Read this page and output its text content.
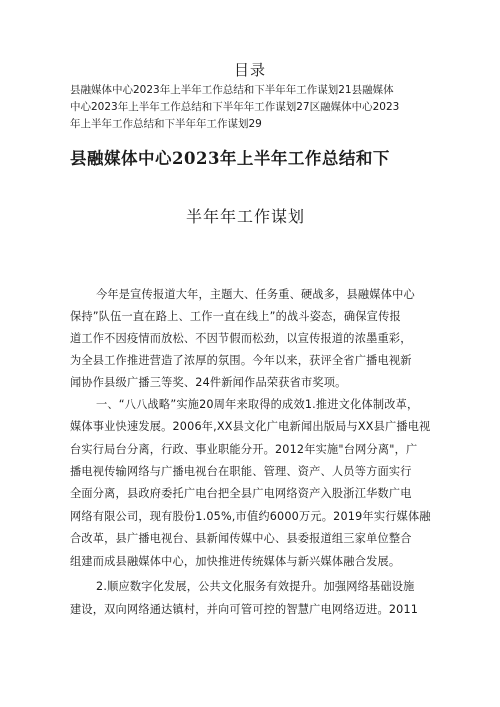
目录
县融媒体中心2023年上半年工作总结和下半年年工作谋划21县融媒体
中心2023年上半年工作总结和下半年年工作谋划27区融媒体中心2023
年上半年工作总结和下半年年工作谋划29
县融媒体中心2023年上半年工作总结和下
半年年工作谋划
今年是宣传报道大年，主题大、任务重、硬战多，县融媒体中心
保持”队伍一直在路上、工作一直在线上”的战斗姿态，确保宣传报
道工作不因疫情而放松、不因节假而松劲，以宣传报道的浓墨重彩，
为全县工作推进营造了浓厚的氛围。今年以来，获评全省广播电视新
闻协作县级广播三等奖、24件新闻作品荣获省市奖项。
一、“八八战略”实施20周年来取得的成效1.推进文化体制改革，
媒体事业快速发展。2006年,XX县文化广电新闻出版局与XX县广播电视
台实行局台分离，行政、事业职能分开。2012年实施"台网分离"，广
播电视传输网络与广播电视台在职能、管理、资产、人员等方面实行
全面分离，县政府委托广电台把全县广电网络资产入股浙江华数广电
网络有限公司，现有股份1.05%,市值约6000万元。2019年实行媒体融
合改革，县广播电视台、县新闻传媒中心、县委报道组三家单位整合
组建而成县融媒体中心，加快推进传统媒体与新兴媒体融合发展。
2.顺应数字化发展，公共文化服务有效提升。加强网络基础设施
建设，双向网络通达镇村，并向可管可控的智慧广电网络迈进。2011
